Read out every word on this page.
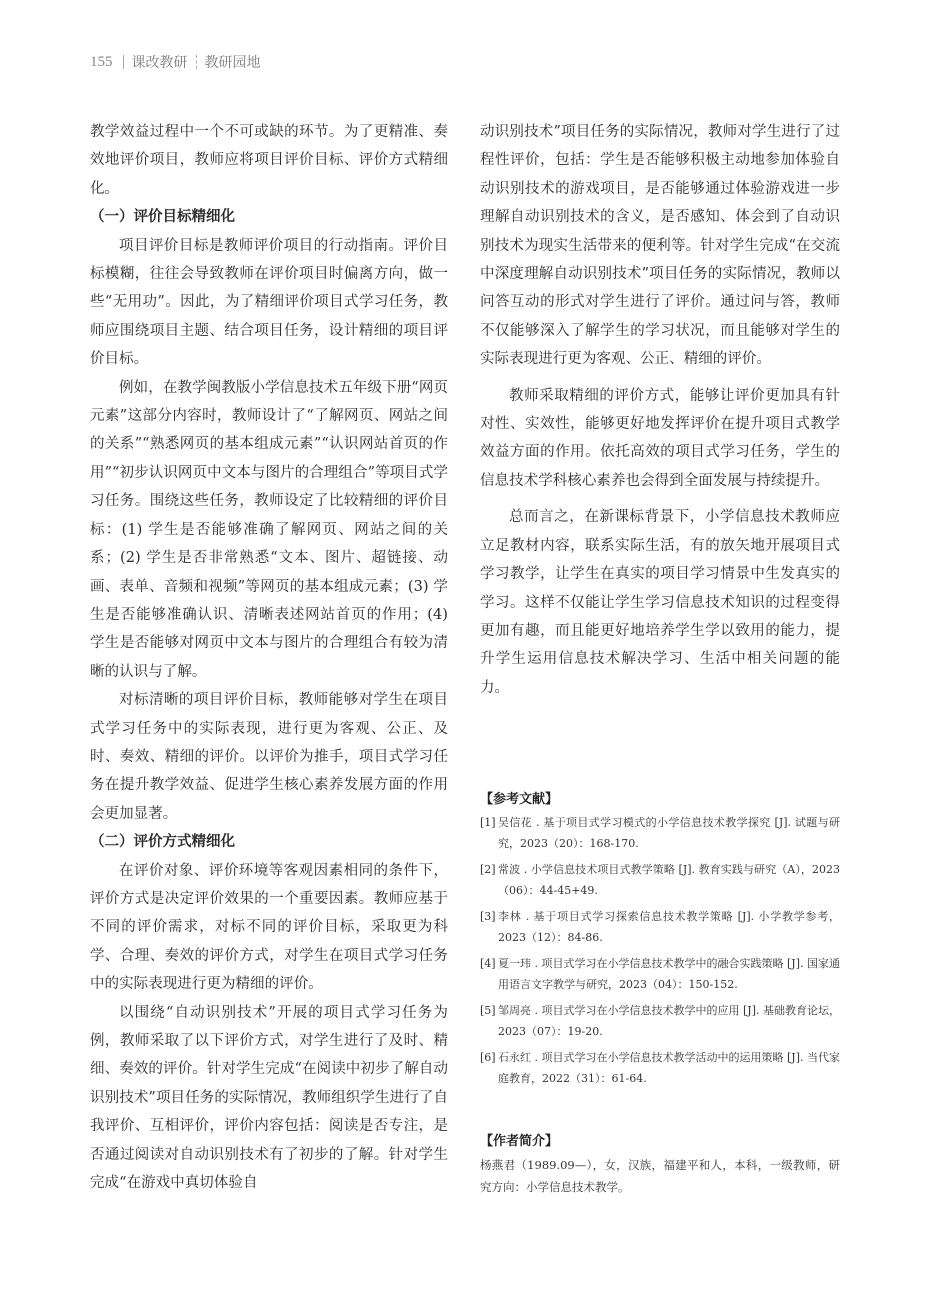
155 课改教研 教研园地

教学效益过程中一个不可或缺的环节。为了更精准、奏效地评价项目，教师应将项目评价目标、评价方式精细化。

（一）评价目标精细化

项目评价目标是教师评价项目的行动指南。评价目标模糊，往往会导致教师在评价项目时偏离方向，做一些“无用功”。因此，为了精细评价项目式学习任务，教师应围绕项目主题、结合项目任务，设计精细的项目评价目标。

例如，在教学闽教版小学信息技术五年级下册“网页元素”这部分内容时，教师设计了“了解网页、网站之间的关系”“熟悉网页的基本组成元素”“认识网站首页的作用”“初步认识网页中文本与图片的合理组合”等项目式学习任务。围绕这些任务，教师设定了比较精细的评价目标：(1) 学生是否能够准确了解网页、网站之间的关系；(2) 学生是否非常熟悉“文本、图片、超链接、动画、表单、音频和视频”等网页的基本组成元素；(3) 学生是否能够准确认识、清晰表述网站首页的作用；(4) 学生是否能够对网页中文本与图片的合理组合有较为清晰的认识与了解。

对标清晰的项目评价目标，教师能够对学生在项目式学习任务中的实际表现，进行更为客观、公正、及时、奏效、精细的评价。以评价为推手，项目式学习任务在提升教学效益、促进学生核心素养发展方面的作用会更加显著。

（二）评价方式精细化

在评价对象、评价环境等客观因素相同的条件下，评价方式是决定评价效果的一个重要因素。教师应基于不同的评价需求，对标不同的评价目标，采取更为科学、合理、奏效的评价方式，对学生在项目式学习任务中的实际表现进行更为精细的评价。

以围绕“自动识别技术”开展的项目式学习任务为例，教师采取了以下评价方式，对学生进行了及时、精细、奏效的评价。针对学生完成“在阅读中初步了解自动识别技术”项目任务的实际情况，教师组织学生进行了自我评价、互相评价，评价内容包括：阅读是否专注，是否通过阅读对自动识别技术有了初步的了解。针对学生完成“在游戏中真切体验自

动识别技术”项目任务的实际情况，教师对学生进行了过程性评价，包括：学生是否能够积极主动地参加体验自动识别技术的游戏项目，是否能够通过体验游戏进一步理解自动识别技术的含义，是否感知、体会到了自动识别技术为现实生活带来的便利等。针对学生完成“在交流中深度理解自动识别技术”项目任务的实际情况，教师以问答互动的形式对学生进行了评价。通过问与答，教师不仅能够深入了解学生的学习状况，而且能够对学生的实际表现进行更为客观、公正、精细的评价。

教师采取精细的评价方式，能够让评价更加具有针对性、实效性，能够更好地发挥评价在提升项目式教学效益方面的作用。依托高效的项目式学习任务，学生的信息技术学科核心素养也会得到全面发展与持续提升。

总而言之，在新课标背景下，小学信息技术教师应立足教材内容，联系实际生活，有的放矢地开展项目式学习教学，让学生在真实的项目学习情景中生发真实的学习。这样不仅能让学生学习信息技术知识的过程变得更加有趣，而且能更好地培养学生学以致用的能力，提升学生运用信息技术解决学习、生活中相关问题的能力。

【参考文献】
[1] 吴信花 . 基于项目式学习模式的小学信息技术教学探究 [J]. 试题与研究，2023（20）：168-170.
[2] 常波 . 小学信息技术项目式教学策略 [J]. 教育实践与研究（A），2023（06）：44-45+49.
[3] 李林 . 基于项目式学习探索信息技术教学策略 [J]. 小学教学参考，2023（12）：84-86.
[4] 夏一玮 . 项目式学习在小学信息技术教学中的融合实践策略 [J]. 国家通用语言文字教学与研究，2023（04）：150-152.
[5] 邹周亮 . 项目式学习在小学信息技术教学中的应用 [J]. 基础教育论坛，2023（07）：19-20.
[6] 石永红 . 项目式学习在小学信息技术教学活动中的运用策略 [J]. 当代家庭教育，2022（31）：61-64.
【作者简介】
杨燕君（1989.09—），女，汉族，福建平和人，本科，一级教师，研究方向：小学信息技术教学。
